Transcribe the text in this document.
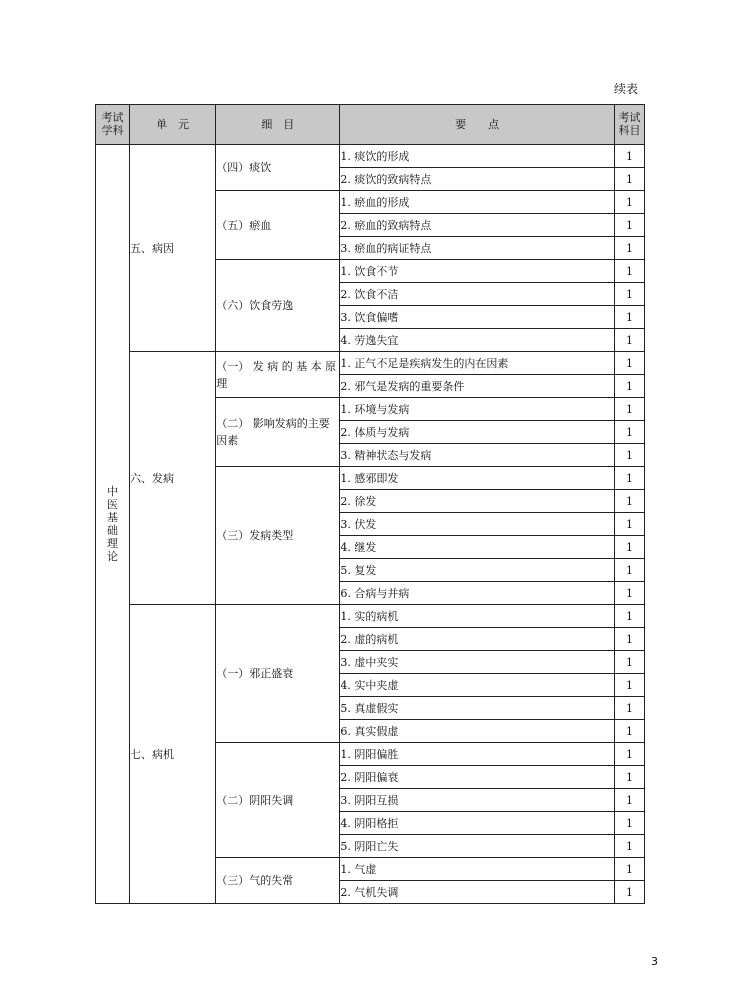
续表
考试学科	单　元	细　目	要　　点	考试科目
中医基础理论	五、病因	（四）痰饮	1. 痰饮的形成	1
			2. 痰饮的致病特点	1
		（五）瘀血	1. 瘀血的形成	1
			2. 瘀血的致病特点	1
			3. 瘀血的病证特点	1
		（六）饮食劳逸	1. 饮食不节	1
			2. 饮食不洁	1
			3. 饮食偏嗜	1
			4. 劳逸失宜	1
	六、发病	（一） 发 病 的 基 本 原理	1. 正气不足是疾病发生的内在因素	1
			2. 邪气是发病的重要条件	1
		（二） 影响发病的主要因素	1. 环境与发病	1
			2. 体质与发病	1
			3. 精神状态与发病	1
		（三）发病类型	1. 感邪即发	1
			2. 徐发	1
			3. 伏发	1
			4. 继发	1
			5. 复发	1
			6. 合病与并病	1
	七、病机	（一）邪正盛衰	1. 实的病机	1
			2. 虚的病机	1
			3. 虚中夹实	1
			4. 实中夹虚	1
			5. 真虚假实	1
			6. 真实假虚	1
		（二）阴阳失调	1. 阴阳偏胜	1
			2. 阴阳偏衰	1
			3. 阴阳互损	1
			4. 阴阳格拒	1
			5. 阴阳亡失	1
		（三）气的失常	1. 气虚	1
			2. 气机失调	1
3
